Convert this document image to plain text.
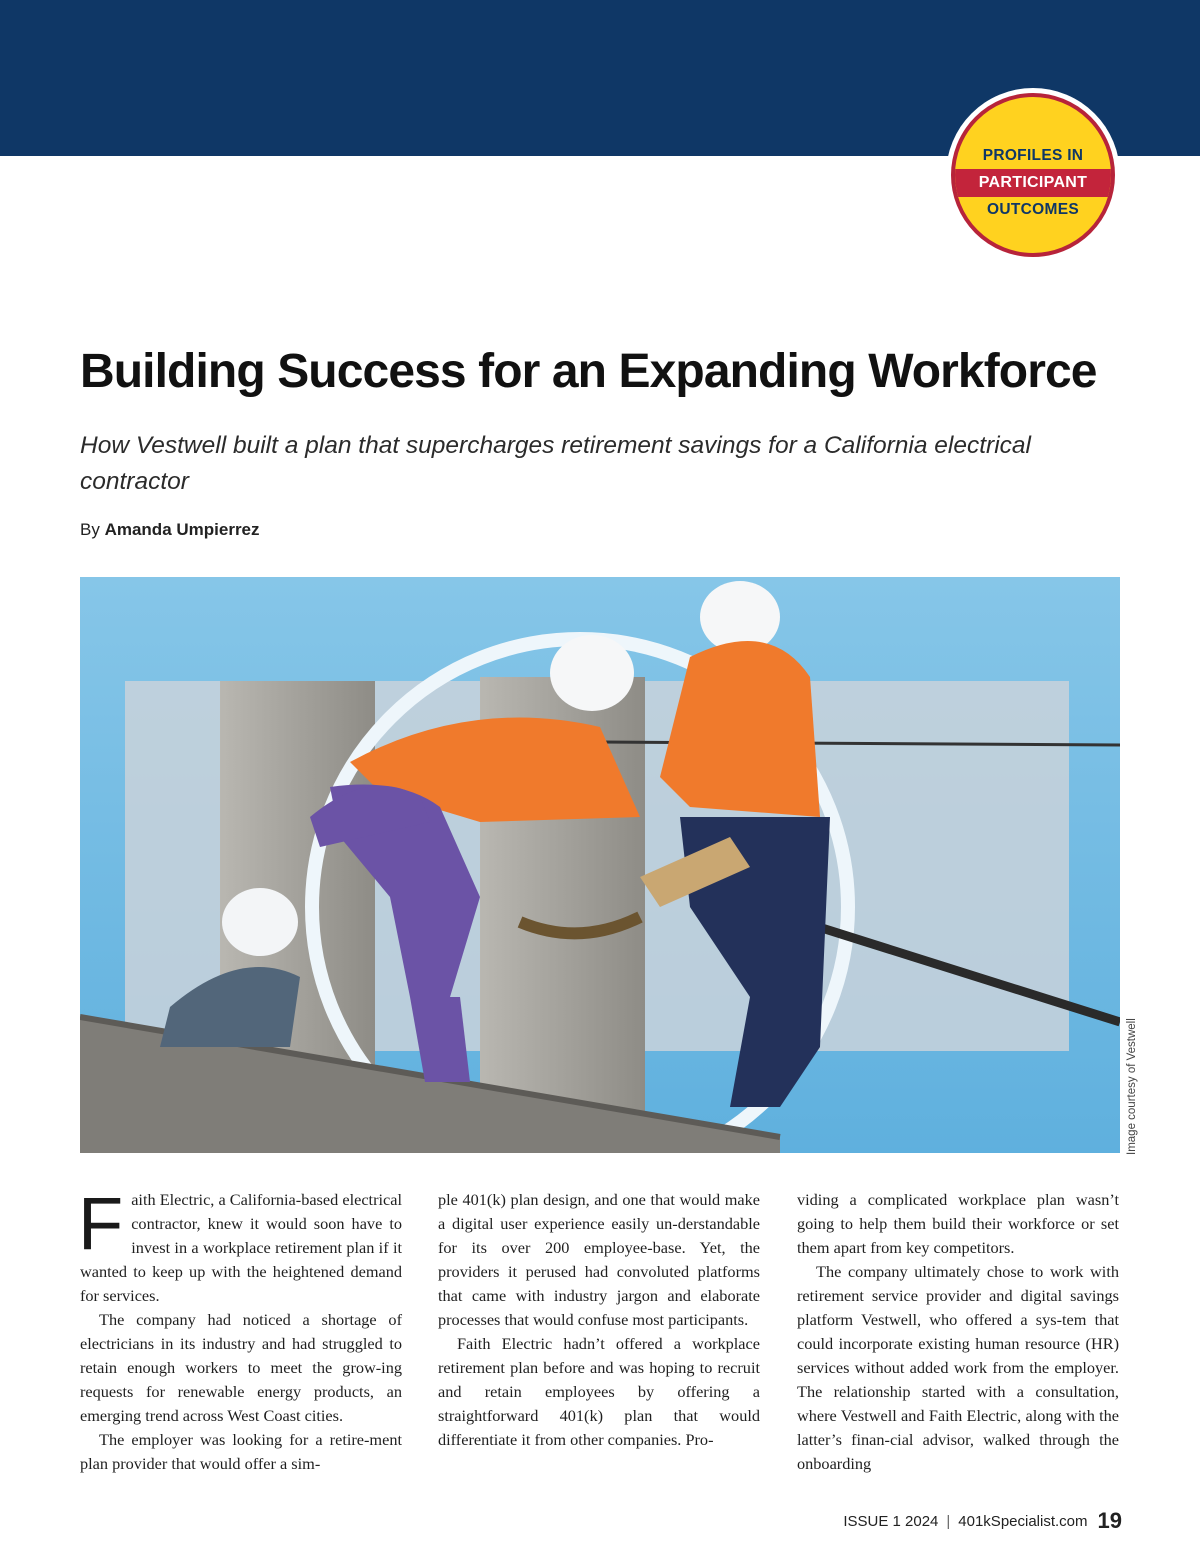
PROFILES IN
PARTICIPANT
OUTCOMES
Building Success for an Expanding Workforce

How Vestwell built a plan that supercharges retirement savings for a California electrical contractor

By Amanda Umpierrez
Image courtesy of Vestwell

Faith Electric, a California-based electrical contractor, knew it would soon have to invest in a workplace retirement plan if it wanted to keep up with the heightened demand for services.

The company had noticed a shortage of electricians in its industry and had struggled to retain enough workers to meet the grow-ing requests for renewable energy products, an emerging trend across West Coast cities.

The employer was looking for a retire-ment plan provider that would offer a sim-

ple 401(k) plan design, and one that would make a digital user experience easily un-derstandable for its over 200 employee-base. Yet, the providers it perused had convoluted platforms that came with industry jargon and elaborate processes that would confuse most participants.

Faith Electric hadn’t offered a workplace retirement plan before and was hoping to recruit and retain employees by offering a straightforward 401(k) plan that would differentiate it from other companies. Pro-

viding a complicated workplace plan wasn’t going to help them build their workforce or set them apart from key competitors.

The company ultimately chose to work with retirement service provider and digital savings platform Vestwell, who offered a sys-tem that could incorporate existing human resource (HR) services without added work from the employer. The relationship started with a consultation, where Vestwell and Faith Electric, along with the latter’s finan-cial advisor, walked through the onboarding

ISSUE 1 2024 | 401kSpecialist.com 19
